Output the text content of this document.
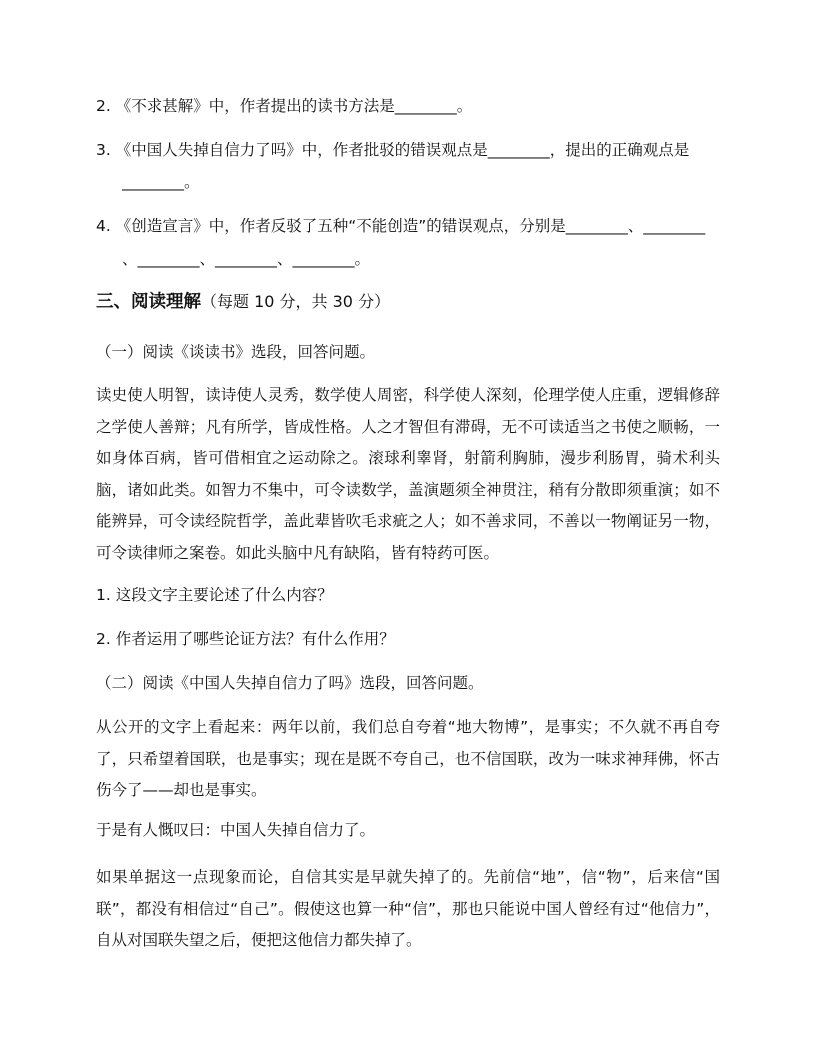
2. 《不求甚解》中，作者提出的读书方法是________。
3. 《中国人失掉自信力了吗》中，作者批驳的错误观点是________，提出的正确观点是
________。
4. 《创造宣言》中，作者反驳了五种“不能创造”的错误观点，分别是________、________
、________、________、________。
三、阅读理解（每题 10 分，共 30 分）
（一）阅读《谈读书》选段，回答问题。
读史使人明智，读诗使人灵秀，数学使人周密，科学使人深刻，伦理学使人庄重，逻辑修辞之学使人善辩；凡有所学，皆成性格。人之才智但有滞碍，无不可读适当之书使之顺畅，一如身体百病，皆可借相宜之运动除之。滚球利睾肾，射箭利胸肺，漫步利肠胃，骑术利头脑，诸如此类。如智力不集中，可令读数学，盖演题须全神贯注，稍有分散即须重演；如不能辨异，可令读经院哲学，盖此辈皆吹毛求疵之人；如不善求同，不善以一物阐证另一物，可令读律师之案卷。如此头脑中凡有缺陷，皆有特药可医。
1. 这段文字主要论述了什么内容？
2. 作者运用了哪些论证方法？有什么作用？
（二）阅读《中国人失掉自信力了吗》选段，回答问题。
从公开的文字上看起来：两年以前，我们总自夸着“地大物博”，是事实；不久就不再自夸了，只希望着国联，也是事实；现在是既不夸自己，也不信国联，改为一味求神拜佛，怀古伤今了——却也是事实。
于是有人慨叹曰：中国人失掉自信力了。
如果单据这一点现象而论，自信其实是早就失掉了的。先前信“地”，信“物”，后来信“国联”，都没有相信过“自己”。假使这也算一种“信”，那也只能说中国人曾经有过“他信力”，自从对国联失望之后，便把这他信力都失掉了。
